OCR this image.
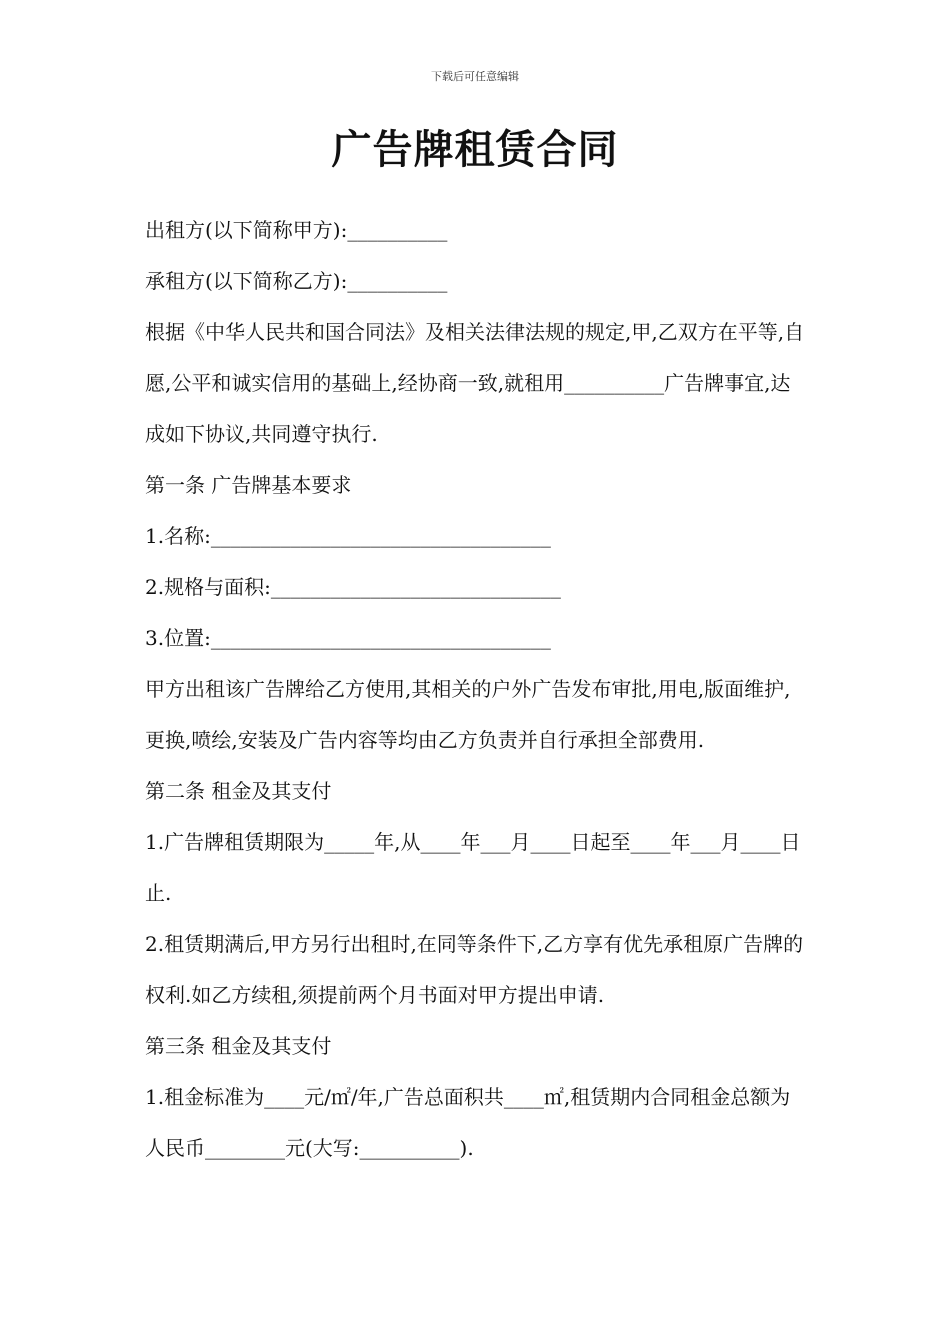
下载后可任意编辑
广告牌租赁合同

出租方(以下简称甲方):__________

承租方(以下简称乙方):__________

根据《中华人民共和国合同法》及相关法律法规的规定,甲,乙双方在平等,自愿,公平和诚实信用的基础上,经协商一致,就租用__________广告牌事宜,达成如下协议,共同遵守执行.

第一条 广告牌基本要求

1.名称:__________________________________

2.规格与面积:_____________________________

3.位置:__________________________________

甲方出租该广告牌给乙方使用,其相关的户外广告发布审批,用电,版面维护,更换,喷绘,安装及广告内容等均由乙方负责并自行承担全部费用.

第二条 租金及其支付

1.广告牌租赁期限为_____年,从____年___月____日起至____年___月____日止.

2.租赁期满后,甲方另行出租时,在同等条件下,乙方享有优先承租原广告牌的权利.如乙方续租,须提前两个月书面对甲方提出申请.

第三条 租金及其支付

1.租金标准为____元/㎡/年,广告总面积共____㎡,租赁期内合同租金总额为人民币________元(大写:__________).
